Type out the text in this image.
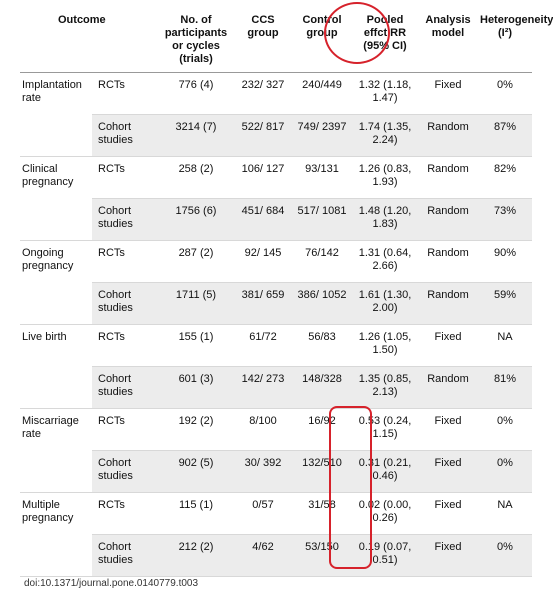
Outcome		No. of participants or cycles (trials)	CCS group	Control group	Pooled effct RR (95% CI)	Analysis model	Heterogeneity (I²)
Implantation rate	RCTs	776 (4)	232/ 327	240/449	1.32 (1.18, 1.47)	Fixed	0%
	Cohort studies	3214 (7)	522/ 817	749/ 2397	1.74 (1.35, 2.24)	Random	87%
Clinical pregnancy	RCTs	258 (2)	106/ 127	93/131	1.26 (0.83, 1.93)	Random	82%
	Cohort studies	1756 (6)	451/ 684	517/ 1081	1.48 (1.20, 1.83)	Random	73%
Ongoing pregnancy	RCTs	287 (2)	92/ 145	76/142	1.31 (0.64, 2.66)	Random	90%
	Cohort studies	1711 (5)	381/ 659	386/ 1052	1.61 (1.30, 2.00)	Random	59%
Live birth	RCTs	155 (1)	61/72	56/83	1.26 (1.05, 1.50)	Fixed	NA
	Cohort studies	601 (3)	142/ 273	148/328	1.35 (0.85, 2.13)	Random	81%
Miscarriage rate	RCTs	192 (2)	8/100	16/92	0.53 (0.24, 1.15)	Fixed	0%
	Cohort studies	902 (5)	30/ 392	132/510	0.31 (0.21, 0.46)	Fixed	0%
Multiple pregnancy	RCTs	115 (1)	0/57	31/58	0.02 (0.00, 0.26)	Fixed	NA
	Cohort studies	212 (2)	4/62	53/150	0.19 (0.07, 0.51)	Fixed	0%
doi:10.1371/journal.pone.0140779.t003
